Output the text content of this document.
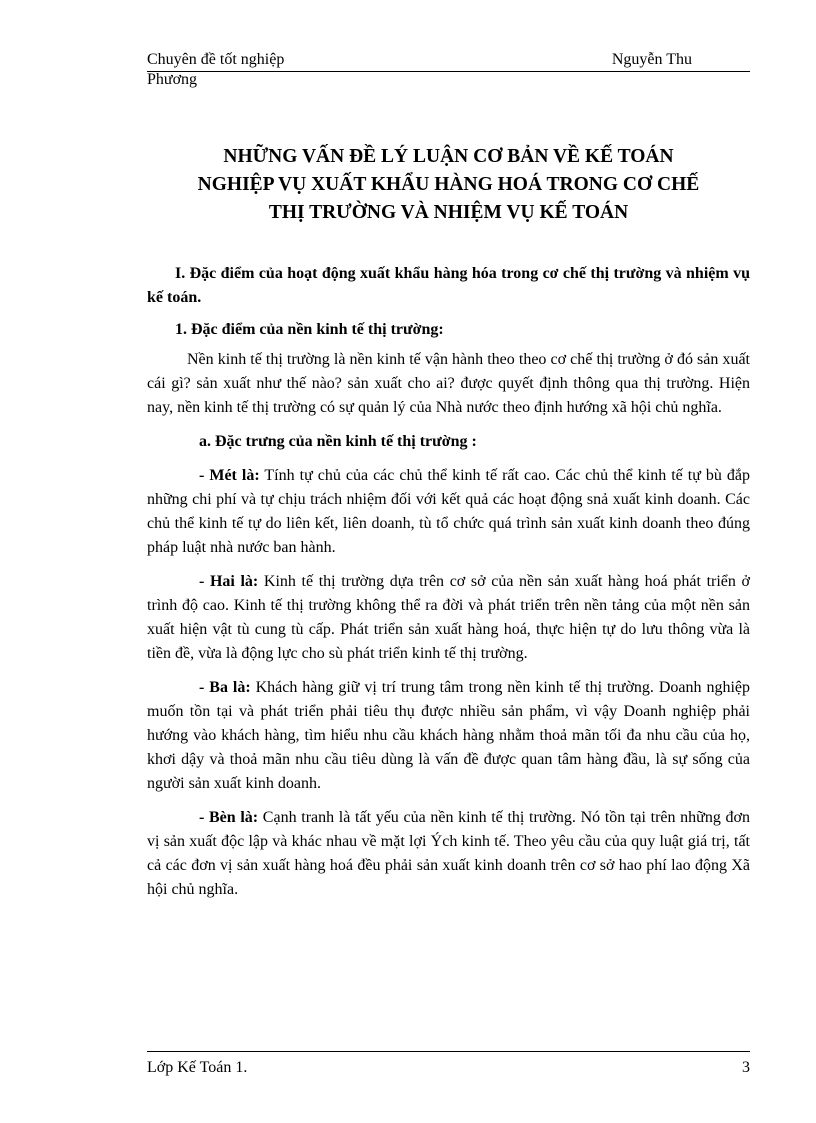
Chuyên đề tốt nghiệp	Nguyễn Thu
Phương
NHỮNG VẤN ĐỀ LÝ LUẬN CƠ BẢN VỀ KẾ TOÁN
NGHIỆP VỤ XUẤT KHẨU HÀNG HOÁ TRONG CƠ CHẾ
THỊ TRƯỜNG VÀ NHIỆM VỤ KẾ TOÁN

I. Đặc điểm của hoạt động xuất khẩu hàng hóa trong cơ chế thị trường và nhiệm vụ kế toán.

1. Đặc điểm của nền kinh tế thị trường:

Nền kinh tế thị trường là nền kinh tế vận hành theo theo cơ chế thị trường ở đó sản xuất cái gì? sản xuất như thế nào? sản xuất cho ai? được quyết định thông qua thị trường. Hiện nay, nền kinh tế thị trường có sự quản lý của Nhà nước theo định hướng xã hội chủ nghĩa.

a. Đặc trưng của nền kinh tế thị trường :

- Mét là: Tính tự chủ của các chủ thể kinh tế rất cao. Các chủ thể kinh tế tự bù đắp những chi phí và tự chịu trách nhiệm đối với kết quả các hoạt động snả xuất kinh doanh. Các chủ thể kinh tế tự do liên kết, liên doanh, tù tổ chức quá trình sản xuất kinh doanh theo đúng pháp luật nhà nước ban hành.

- Hai là: Kinh tế thị trường dựa trên cơ sở của nền sản xuất hàng hoá phát triển ở trình độ cao. Kinh tế thị trường không thể ra đời và phát triển trên nền tảng của một nền sản xuất hiện vật tù cung tù cấp. Phát triển sản xuất hàng hoá, thực hiện tự do lưu thông vừa là tiền đề, vừa là động lực cho sù phát triển kinh tế thị trường.

- Ba là: Khách hàng giữ vị trí trung tâm trong nền kinh tế thị trường. Doanh nghiệp muốn tồn tại và phát triển phải tiêu thụ được nhiều sản phẩm, vì vậy Doanh nghiệp phải hướng vào khách hàng, tìm hiểu nhu cầu khách hàng nhằm thoả mãn tối đa nhu cầu của họ, khơi dậy và thoả mãn nhu cầu tiêu dùng là vấn đề được quan tâm hàng đầu, là sự sống của người sản xuất kinh doanh.

- Bèn là: Cạnh tranh là tất yếu của nền kinh tế thị trường. Nó tồn tại trên những đơn vị sản xuất độc lập và khác nhau về mặt lợi Ých kinh tế. Theo yêu cầu của quy luật giá trị, tất cả các đơn vị sản xuất hàng hoá đều phải sản xuất kinh doanh trên cơ sở hao phí lao động Xã hội chủ nghĩa.

Lớp Kế Toán 1.	3
